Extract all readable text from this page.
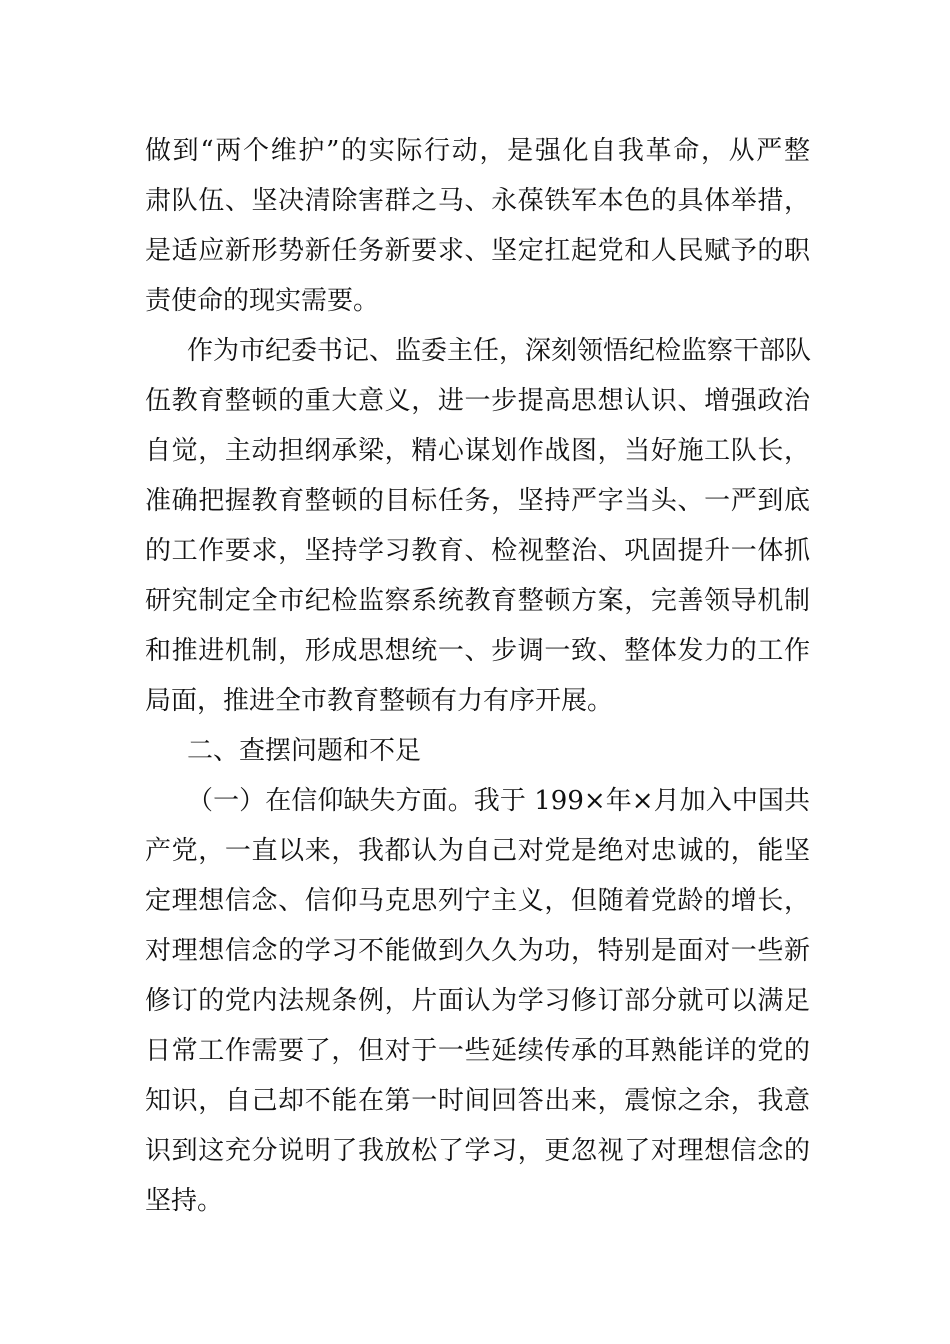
做到“两个维护”的实际行动，是强化自我革命，从严整
肃队伍、坚决清除害群之马、永葆铁军本色的具体举措，
是适应新形势新任务新要求、坚定扛起党和人民赋予的职
责使命的现实需要。
作为市纪委书记、监委主任，深刻领悟纪检监察干部队
伍教育整顿的重大意义，进一步提高思想认识、增强政治
自觉，主动担纲承梁，精心谋划作战图，当好施工队长，
准确把握教育整顿的目标任务，坚持严字当头、一严到底
的工作要求，坚持学习教育、检视整治、巩固提升一体抓
研究制定全市纪检监察系统教育整顿方案，完善领导机制
和推进机制，形成思想统一、步调一致、整体发力的工作
局面，推进全市教育整顿有力有序开展。
二、查摆问题和不足
（一）在信仰缺失方面。我于 199×年×月加入中国共
产党，一直以来，我都认为自己对党是绝对忠诚的，能坚
定理想信念、信仰马克思列宁主义，但随着党龄的增长，
对理想信念的学习不能做到久久为功，特别是面对一些新
修订的党内法规条例，片面认为学习修订部分就可以满足
日常工作需要了，但对于一些延续传承的耳熟能详的党的
知识，自己却不能在第一时间回答出来，震惊之余，我意
识到这充分说明了我放松了学习，更忽视了对理想信念的
坚持。
